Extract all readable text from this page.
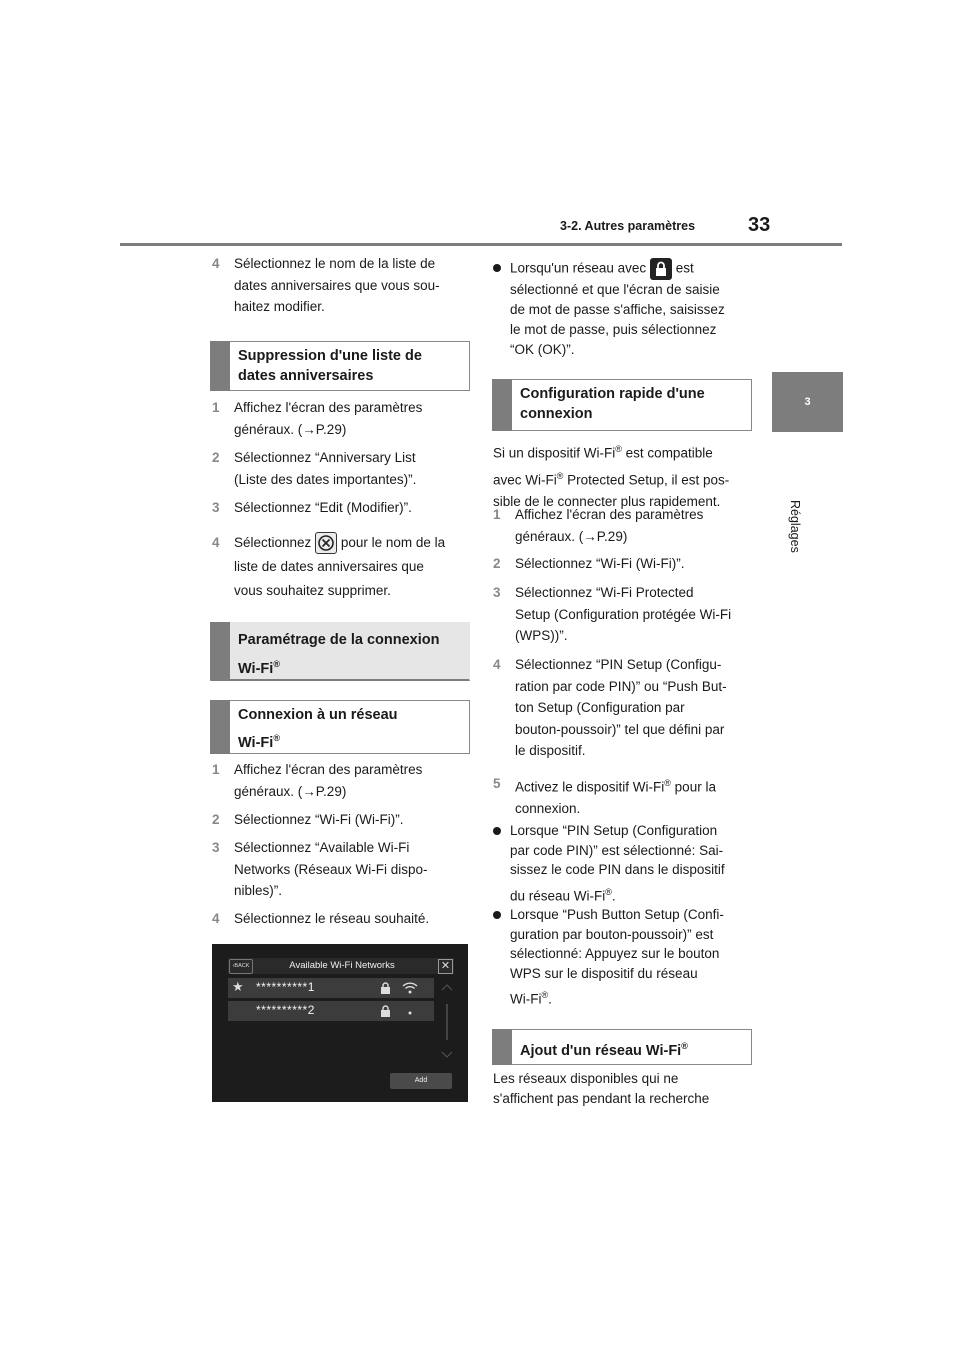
3-2. Autres paramètres	33
3
Réglages
4 Sélectionnez le nom de la liste de
dates anniversaires que vous sou-
haitez modifier.
Suppression d'une liste de
dates anniversaires
1 Affichez l'écran des paramètres
généraux. (→P.29)
2 Sélectionnez “Anniversary List
(Liste des dates importantes)”.
3 Sélectionnez “Edit (Modifier)”.
4 Sélectionnez pour le nom de la
liste de dates anniversaires que
vous souhaitez supprimer.
Paramétrage de la connexion
Wi-Fi®
Connexion à un réseau
Wi-Fi®
1 Affichez l'écran des paramètres
généraux. (→P.29)
2 Sélectionnez “Wi-Fi (Wi-Fi)”.
3 Sélectionnez “Available Wi-Fi
Networks (Réseaux Wi-Fi dispo-
nibles)”.
4 Sélectionnez le réseau souhaité.
‹BACK	Available Wi-Fi Networks	✕
★ **********1
**********2
Add
Lorsqu'un réseau avec est
sélectionné et que l'écran de saisie
de mot de passe s'affiche, saisissez
le mot de passe, puis sélectionnez
“OK (OK)”.
Configuration rapide d'une
connexion
Si un dispositif Wi-Fi® est compatible
avec Wi-Fi® Protected Setup, il est pos-
sible de le connecter plus rapidement.
1 Affichez l'écran des paramètres
généraux. (→P.29)
2 Sélectionnez “Wi-Fi (Wi-Fi)”.
3 Sélectionnez “Wi-Fi Protected
Setup (Configuration protégée Wi-Fi
(WPS))”.
4 Sélectionnez “PIN Setup (Configu-
ration par code PIN)” ou “Push But-
ton Setup (Configuration par
bouton-poussoir)” tel que défini par
le dispositif.
5 Activez le dispositif Wi-Fi® pour la
connexion.
Lorsque “PIN Setup (Configuration
par code PIN)” est sélectionné: Sai-
sissez le code PIN dans le dispositif
du réseau Wi-Fi®.
Lorsque “Push Button Setup (Confi-
guration par bouton-poussoir)” est
sélectionné: Appuyez sur le bouton
WPS sur le dispositif du réseau
Wi-Fi®.
Ajout d'un réseau Wi-Fi®
Les réseaux disponibles qui ne
s'affichent pas pendant la recherche
